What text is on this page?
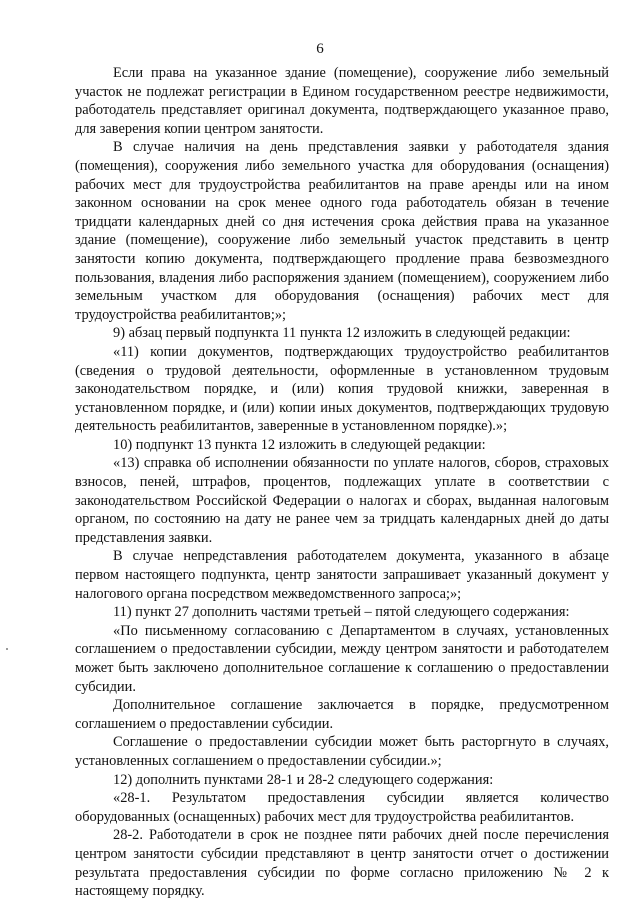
6

Если права на указанное здание (помещение), сооружение либо земельный участок не подлежат регистрации в Едином государственном реестре недвижимости, работодатель представляет оригинал документа, подтверждающего указанное право, для заверения копии центром занятости.

В случае наличия на день представления заявки у работодателя здания (помещения), сооружения либо земельного участка для оборудования (оснащения) рабочих мест для трудоустройства реабилитантов на праве аренды или на ином законном основании на срок менее одного года работодатель обязан в течение тридцати календарных дней со дня истечения срока действия права на указанное здание (помещение), сооружение либо земельный участок представить в центр занятости копию документа, подтверждающего продление права безвозмездного пользования, владения либо распоряжения зданием (помещением), сооружением либо земельным участком для оборудования (оснащения) рабочих мест для трудоустройства реабилитантов;»;

9) абзац первый подпункта 11 пункта 12 изложить в следующей редакции:

«11) копии документов, подтверждающих трудоустройство реабилитантов (сведения о трудовой деятельности, оформленные в установленном трудовым законодательством порядке, и (или) копия трудовой книжки, заверенная в установленном порядке, и (или) копии иных документов, подтверждающих трудовую деятельность реабилитантов, заверенные в установленном порядке).»;

10) подпункт 13 пункта 12 изложить в следующей редакции:

«13) справка об исполнении обязанности по уплате налогов, сборов, страховых взносов, пеней, штрафов, процентов, подлежащих уплате в соответствии с законодательством Российской Федерации о налогах и сборах, выданная налоговым органом, по состоянию на дату не ранее чем за тридцать календарных дней до даты представления заявки.

В случае непредставления работодателем документа, указанного в абзаце первом настоящего подпункта, центр занятости запрашивает указанный документ у налогового органа посредством межведомственного запроса;»;

11) пункт 27 дополнить частями третьей – пятой следующего содержания:

«По письменному согласованию с Департаментом в случаях, установленных соглашением о предоставлении субсидии, между центром занятости и работодателем может быть заключено дополнительное соглашение к соглашению о предоставлении субсидии.

Дополнительное соглашение заключается в порядке, предусмотренном соглашением о предоставлении субсидии.

Соглашение о предоставлении субсидии может быть расторгнуто в случаях, установленных соглашением о предоставлении субсидии.»;

12) дополнить пунктами 28-1 и 28-2 следующего содержания:

«28-1. Результатом предоставления субсидии является количество оборудованных (оснащенных) рабочих мест для трудоустройства реабилитантов.

28-2. Работодатели в срок не позднее пяти рабочих дней после перечисления центром занятости субсидии представляют в центр занятости отчет о достижении результата предоставления субсидии по форме согласно приложению № 2 к настоящему порядку.
